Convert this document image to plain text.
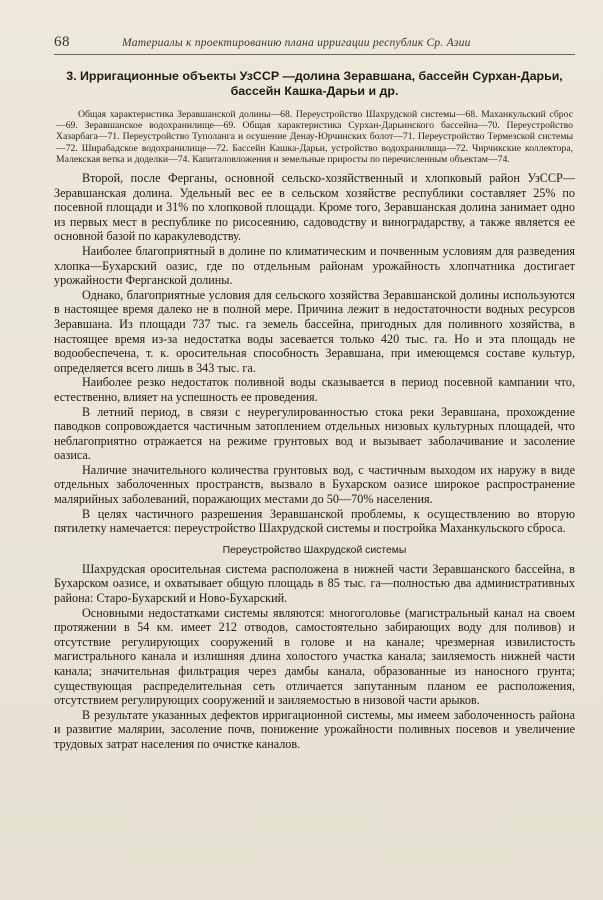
68	Материалы к проектированию плана ирригации республик Ср. Азии
3. Ирригационные объекты УзССР —долина Зеравшана, бассейн Сурхан-Дарьи, бассейн Кашка-Дарьи и др.
Общая характеристика Зеравшанской долины—68. Переустройство Шахрудской системы—68. Маханкульский сброс—69. Зеравшанское водохранилище—69. Общая характеристика Сурхан-Дарьинского бассейна—70. Переустройство Хазарбага—71. Переустройство Туполанга и осушение Денау-Юрчинских болот—71. Переустройство Термезской системы—72. Ширабадское водохранилище—72. Бассейн Кашка-Дарьи, устройство водохранилища—72. Чирчикские коллектора, Малекская ветка и доделки—74. Капиталовложения и земельные приросты по перечисленным объектам—74.

Второй, после Ферганы, основной сельско-хозяйственный и хлопковый район УзССР—Зеравшанская долина. Удельный вес ее в сельском хозяйстве республики составляет 25% по посевной площади и 31% по хлопковой площади. Кроме того, Зеравшанская долина занимает одно из первых мест в республике по рисосеянию, садоводству и виноградарству, а также является ее основной базой по каракулеводству.

Наиболее благоприятный в долине по климатическим и почвенным условиям для разведения хлопка—Бухарский оазис, где по отдельным районам урожайность хлопчатника достигает урожайности Ферганской долины.

Однако, благоприятные условия для сельского хозяйства Зеравшанской долины используются в настоящее время далеко не в полной мере. Причина лежит в недостаточности водных ресурсов Зеравшана. Из площади 737 тыс. га земель бассейна, пригодных для поливного хозяйства, в настоящее время из-за недостатка воды засевается только 420 тыс. га. Но и эта площадь не водообеспечена, т. к. оросительная способность Зеравшана, при имеющемся составе культур, определяется всего лишь в 343 тыс. га.

Наиболее резко недостаток поливной воды сказывается в период посевной кампании что, естественно, влияет на успешность ее проведения.

В летний период, в связи с неурегулированностью стока реки Зеравшана, прохождение паводков сопровождается частичным затоплением отдельных низовых культурных площадей, что неблагоприятно отражается на режиме грунтовых вод и вызывает заболачивание и засоление оазиса.

Наличие значительного количества грунтовых вод, с частичным выходом их наружу в виде отдельных заболоченных пространств, вызвало в Бухарском оазисе широкое распространение малярийных заболеваний, поражающих местами до 50—70% населения.

В целях частичного разрешения Зеравшанской проблемы, к осуществлению во вторую пятилетку намечается: переустройство Шахрудской системы и постройка Маханкульского сброса.

Переустройство Шахрудской системы

Шахрудская оросительная система расположена в нижней части Зеравшанского бассейна, в Бухарском оазисе, и охватывает общую площадь в 85 тыс. га—полностью два административных района: Старо-Бухарский и Ново-Бухарский.

Основными недостатками системы являются: многоголовье (магистральный канал на своем протяжении в 54 км. имеет 212 отводов, самостоятельно забирающих воду для поливов) и отсутствие регулирующих сооружений в голове и на канале; чрезмерная извилистость магистрального канала и излишняя длина холостого участка канала; заиляемость нижней части канала; значительная фильтрация через дамбы канала, образованные из наносного грунта; существующая распределительная сеть отличается запутанным планом ее расположения, отсутствием регулирующих сооружений и заиляемостью в низовой части арыков.

В результате указанных дефектов ирригационной системы, мы имеем заболоченность района и развитие малярии, засоление почв, понижение урожайности поливных посевов и увеличение трудовых затрат населения по очистке каналов.
